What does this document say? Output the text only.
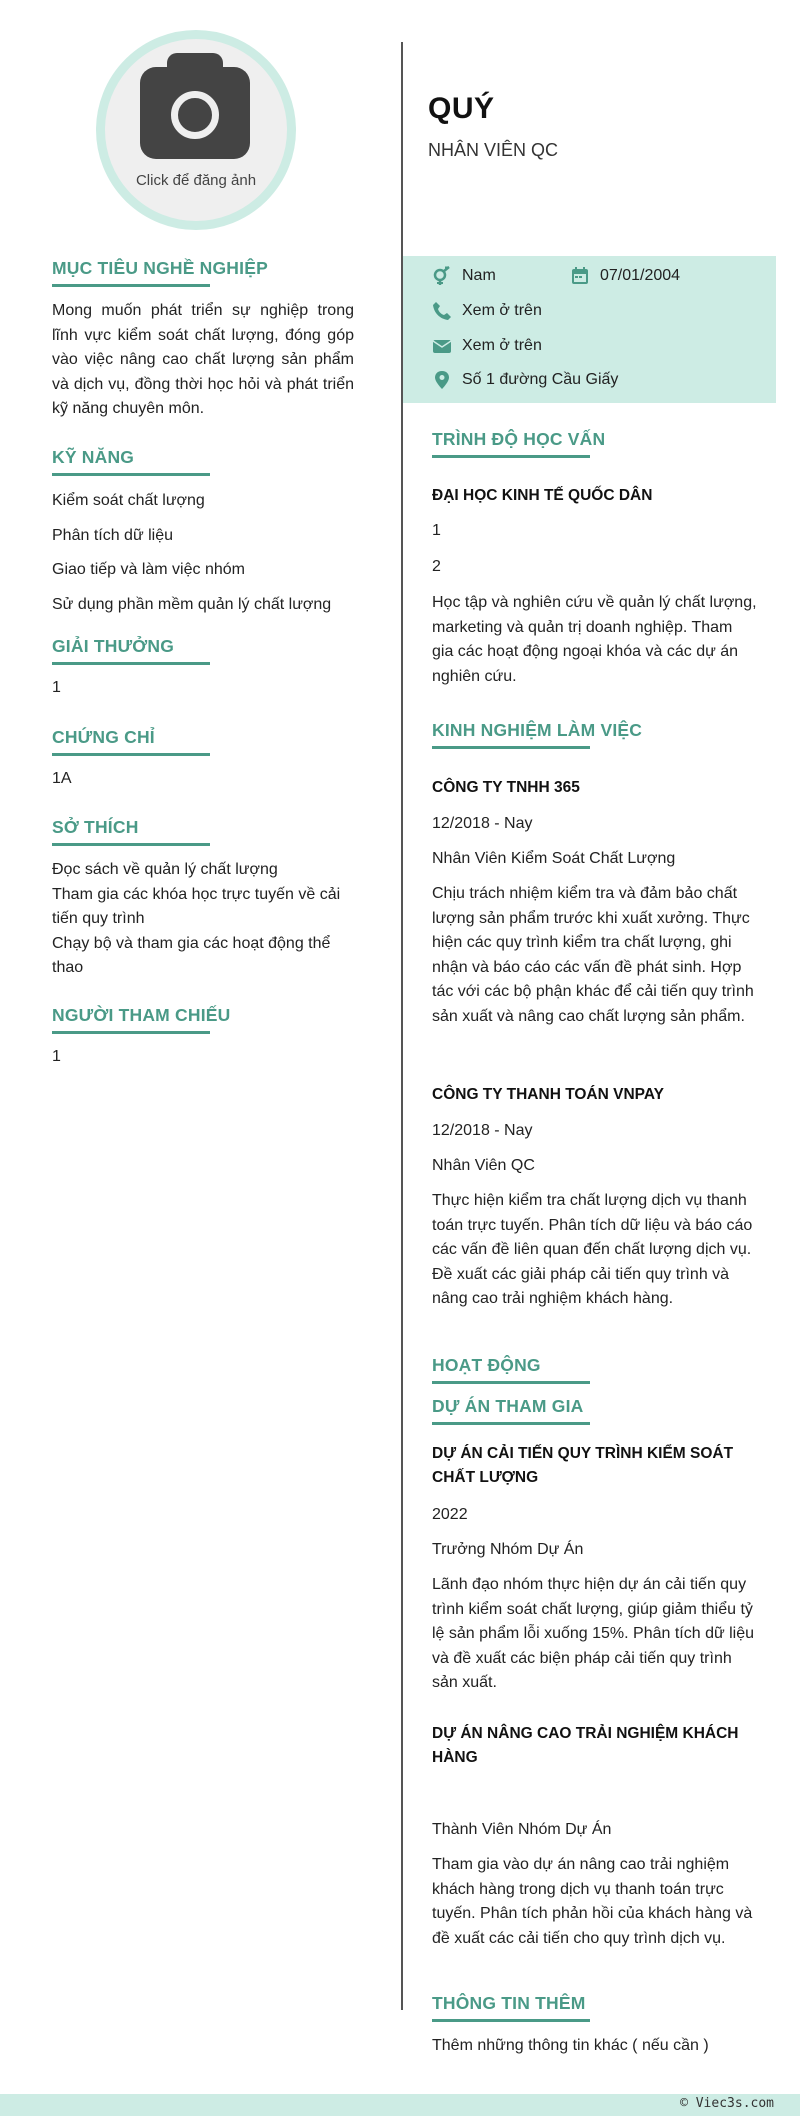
Click để đăng ảnh
MỤC TIÊU NGHỀ NGHIỆP
Mong muốn phát triển sự nghiệp trong lĩnh vực kiểm soát chất lượng, đóng góp vào việc nâng cao chất lượng sản phẩm và dịch vụ, đồng thời học hỏi và phát triển kỹ năng chuyên môn.
KỸ NĂNG
Kiểm soát chất lượng
Phân tích dữ liệu
Giao tiếp và làm việc nhóm
Sử dụng phần mềm quản lý chất lượng
GIẢI THƯỞNG
1
CHỨNG CHỈ
1A
SỞ THÍCH
Đọc sách về quản lý chất lượng
Tham gia các khóa học trực tuyến về cải tiến quy trình
Chạy bộ và tham gia các hoạt động thể thao
NGƯỜI THAM CHIẾU
1
QUÝ
NHÂN VIÊN QC
Nam	07/01/2004
Xem ở trên
Xem ở trên
Số 1 đường Cầu Giấy
TRÌNH ĐỘ HỌC VẤN
ĐẠI HỌC KINH TẾ QUỐC DÂN
1
2
Học tập và nghiên cứu về quản lý chất lượng, marketing và quản trị doanh nghiệp. Tham gia các hoạt động ngoại khóa và các dự án nghiên cứu.
KINH NGHIỆM LÀM VIỆC
CÔNG TY TNHH 365
12/2018 - Nay
Nhân Viên Kiểm Soát Chất Lượng
Chịu trách nhiệm kiểm tra và đảm bảo chất lượng sản phẩm trước khi xuất xưởng. Thực hiện các quy trình kiểm tra chất lượng, ghi nhận và báo cáo các vấn đề phát sinh. Hợp tác với các bộ phận khác để cải tiến quy trình sản xuất và nâng cao chất lượng sản phẩm.
CÔNG TY THANH TOÁN VNPAY
12/2018 - Nay
Nhân Viên QC
Thực hiện kiểm tra chất lượng dịch vụ thanh toán trực tuyến. Phân tích dữ liệu và báo cáo các vấn đề liên quan đến chất lượng dịch vụ. Đề xuất các giải pháp cải tiến quy trình và nâng cao trải nghiệm khách hàng.
HOẠT ĐỘNG
DỰ ÁN THAM GIA
DỰ ÁN CẢI TIẾN QUY TRÌNH KIỂM SOÁT CHẤT LƯỢNG
2022
Trưởng Nhóm Dự Án
Lãnh đạo nhóm thực hiện dự án cải tiến quy trình kiểm soát chất lượng, giúp giảm thiểu tỷ lệ sản phẩm lỗi xuống 15%. Phân tích dữ liệu và đề xuất các biện pháp cải tiến quy trình sản xuất.
DỰ ÁN NÂNG CAO TRẢI NGHIỆM KHÁCH HÀNG
Thành Viên Nhóm Dự Án
Tham gia vào dự án nâng cao trải nghiệm khách hàng trong dịch vụ thanh toán trực tuyến. Phân tích phản hồi của khách hàng và đề xuất các cải tiến cho quy trình dịch vụ.
THÔNG TIN THÊM
Thêm những thông tin khác ( nếu cần )
© Viec3s.com
